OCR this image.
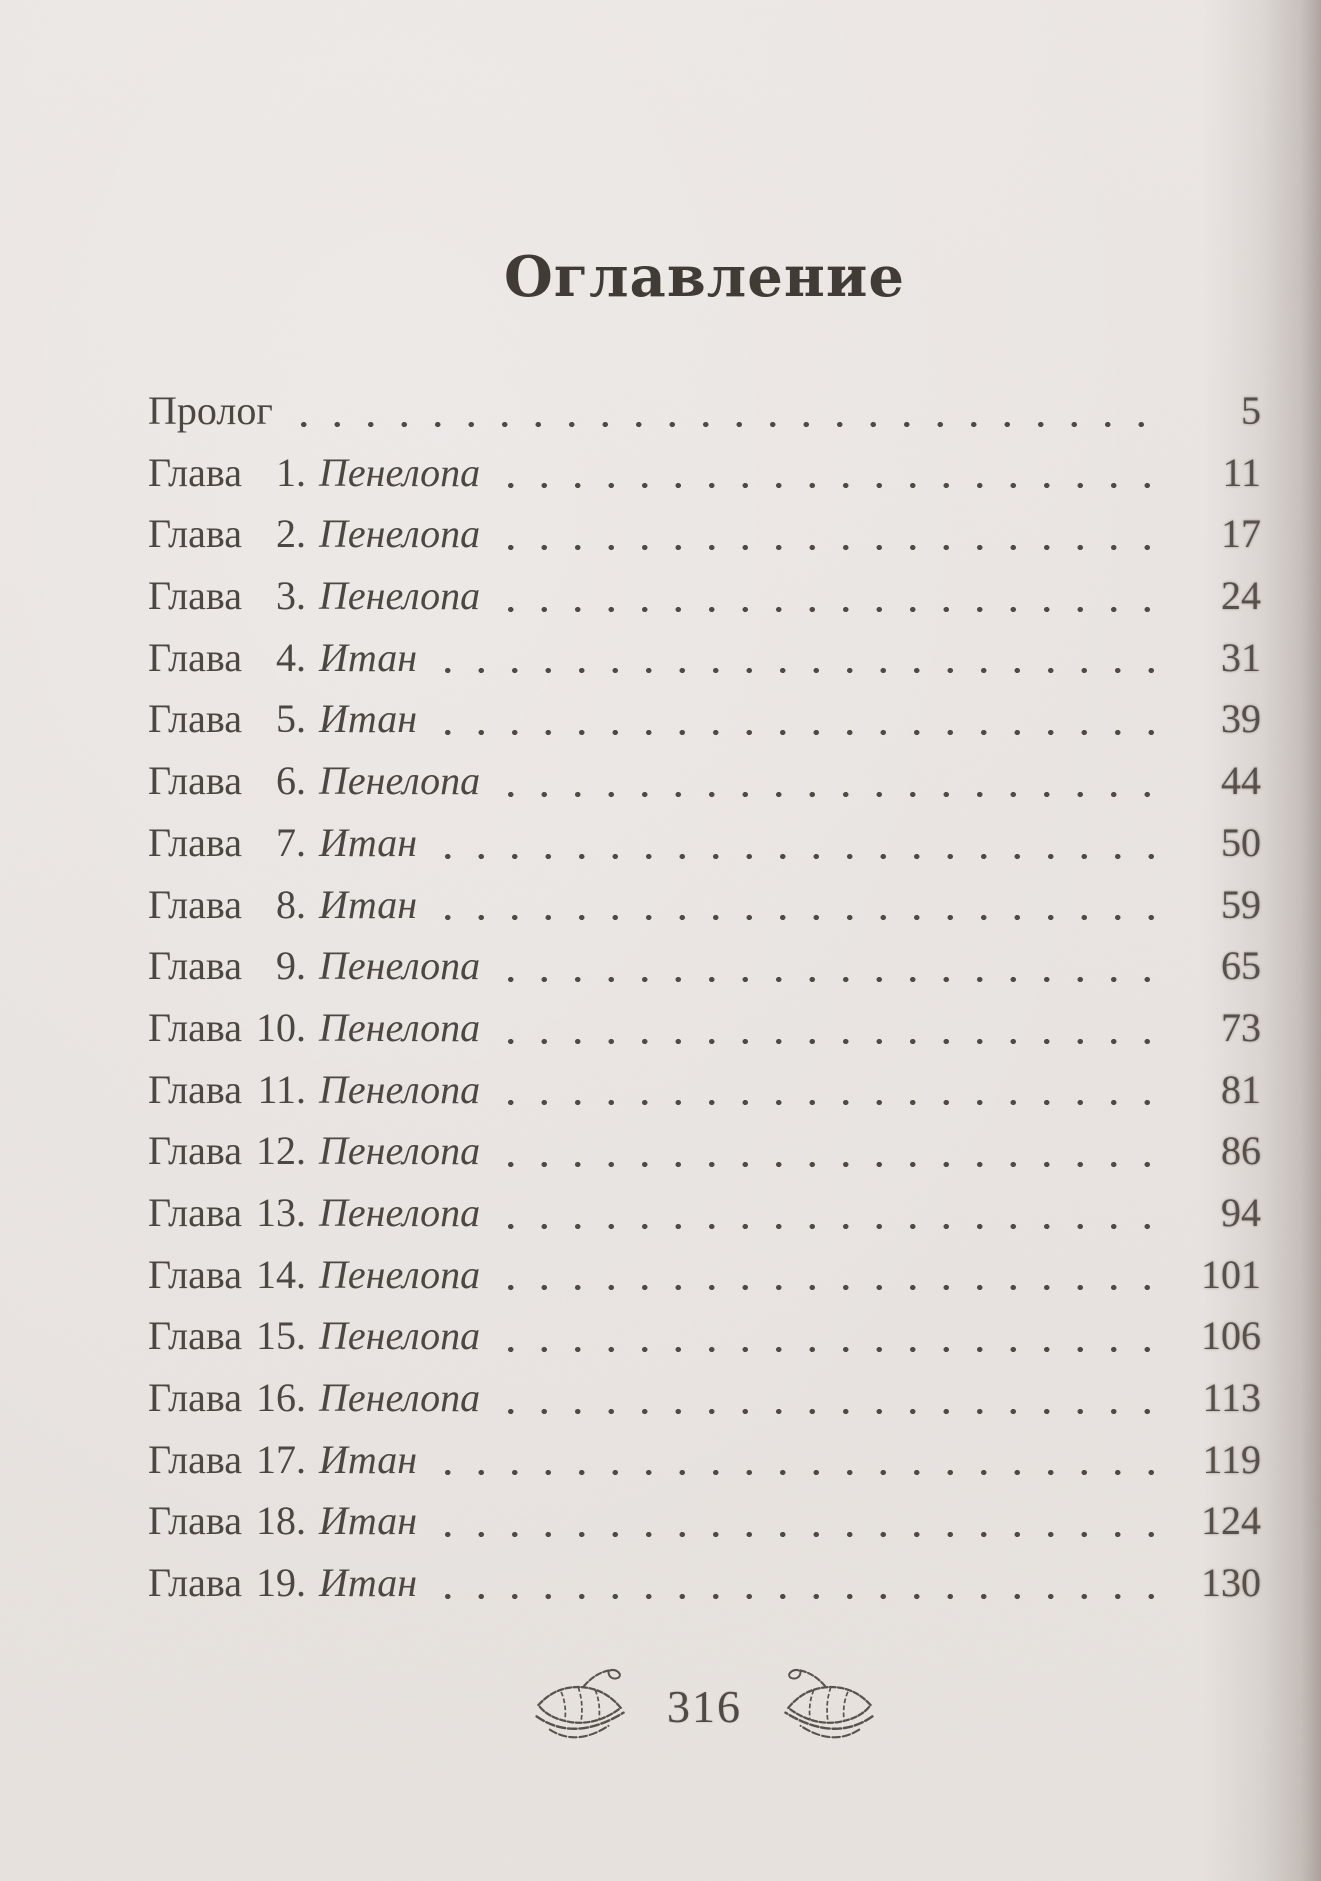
Оглавление
Пролог	5
Глава 1. Пенелопа	11
Глава 2. Пенелопа	17
Глава 3. Пенелопа	24
Глава 4. Итан	31
Глава 5. Итан	39
Глава 6. Пенелопа	44
Глава 7. Итан	50
Глава 8. Итан	59
Глава 9. Пенелопа	65
Глава 10. Пенелопа	73
Глава 11. Пенелопа	81
Глава 12. Пенелопа	86
Глава 13. Пенелопа	94
Глава 14. Пенелопа	101
Глава 15. Пенелопа	106
Глава 16. Пенелопа	113
Глава 17. Итан	119
Глава 18. Итан	124
Глава 19. Итан	130
316
